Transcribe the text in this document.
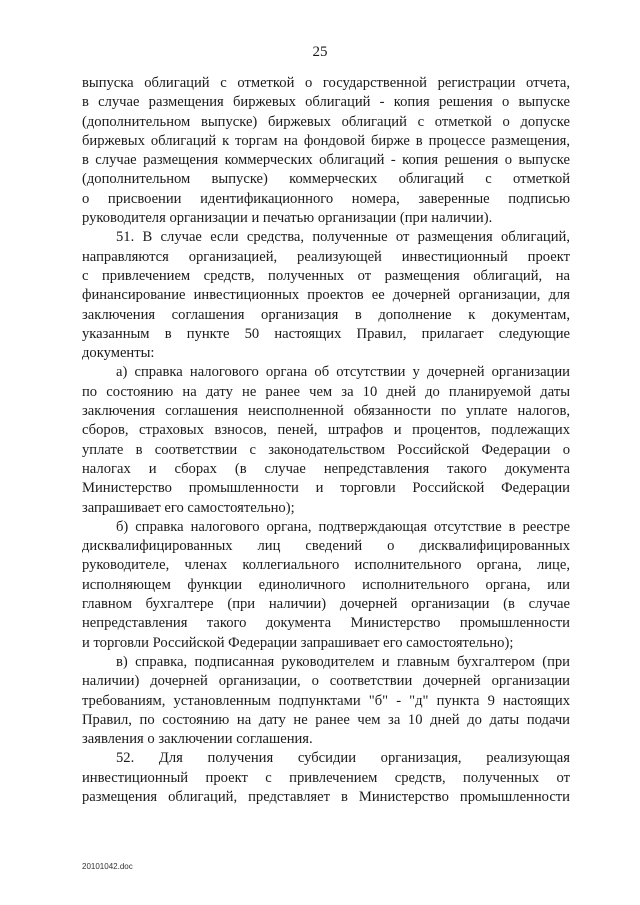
25
выпуска облигаций с отметкой о государственной регистрации отчета,
в случае размещения биржевых облигаций - копия решения о выпуске
(дополнительном выпуске) биржевых облигаций с отметкой о допуске
биржевых облигаций к торгам на фондовой бирже в процессе размещения,
в случае размещения коммерческих облигаций - копия решения о выпуске
(дополнительном выпуске) коммерческих облигаций с отметкой
о присвоении идентификационного номера, заверенные подписью
руководителя организации и печатью организации (при наличии).
51. В случае если средства, полученные от размещения облигаций,
направляются организацией, реализующей инвестиционный проект
с привлечением средств, полученных от размещения облигаций, на
финансирование инвестиционных проектов ее дочерней организации, для
заключения соглашения организация в дополнение к документам,
указанным в пункте 50 настоящих Правил, прилагает следующие
документы:
а) справка налогового органа об отсутствии у дочерней организации
по состоянию на дату не ранее чем за 10 дней до планируемой даты
заключения соглашения неисполненной обязанности по уплате налогов,
сборов, страховых взносов, пеней, штрафов и процентов, подлежащих
уплате в соответствии с законодательством Российской Федерации о
налогах и сборах (в случае непредставления такого документа
Министерство промышленности и торговли Российской Федерации
запрашивает его самостоятельно);
б) справка налогового органа, подтверждающая отсутствие в реестре
дисквалифицированных лиц сведений о дисквалифицированных
руководителе, членах коллегиального исполнительного органа, лице,
исполняющем функции единоличного исполнительного органа, или
главном бухгалтере (при наличии) дочерней организации (в случае
непредставления такого документа Министерство промышленности
и торговли Российской Федерации запрашивает его самостоятельно);
в) справка, подписанная руководителем и главным бухгалтером (при
наличии) дочерней организации, о соответствии дочерней организации
требованиям, установленным подпунктами "б" - "д" пункта 9 настоящих
Правил, по состоянию на дату не ранее чем за 10 дней до даты подачи
заявления о заключении соглашения.
52. Для получения субсидии организация, реализующая
инвестиционный проект с привлечением средств, полученных от
размещения облигаций, представляет в Министерство промышленности
20101042.doc
